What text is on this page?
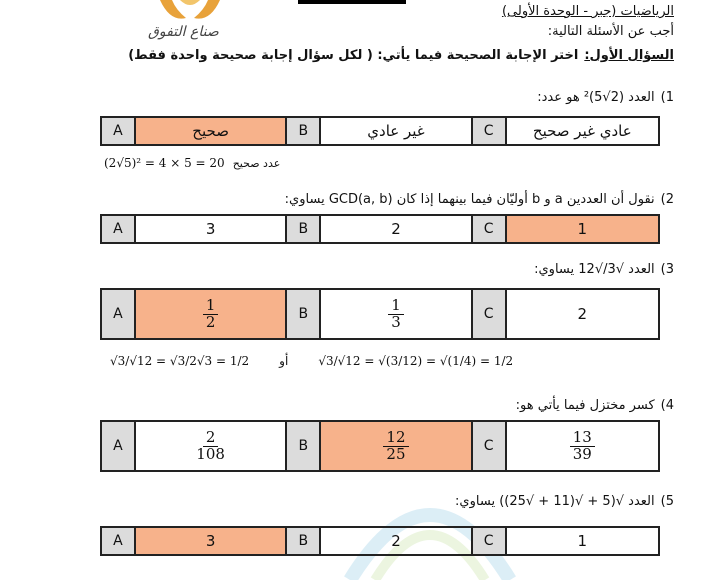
صناع التفوق
الرياضيات (جبر - الوحدة الأولى)
أجب عن الأسئلة التالية:
السؤال الأول:
اختر الإجابة الصحيحة فيما يأتي: ( لكل سؤال إجابة صحيحة واحدة فقط)
1)
العدد (2√5)² هو عدد:
A	صحيح	B	غير عادي	C	عادي غير صحيح
(2√5)² = 4 × 5 = 20 عدد صحيح
2)
نقول أن العددين a و b أوليّان فيما بينهما إذا كان GCD(a, b) يساوي:
A	3	B	2	C	1
3)
العدد √3/√12 يساوي:
A	$\frac{1}{2}$	B	$\frac{1}{3}$	C	2
√3/√12 = √3/2√3 = 1/2	أو	√3/√12 = √(3/12) = √(1/4) = 1/2
4)
كسر مختزل فيما يأتي هو:
A	$\frac{2}{108}$	B	$\frac{12}{25}$	C	$\frac{13}{39}$
5)
العدد √(5 + √(11 + √25)) يساوي:
A	3	B	2	C	1
